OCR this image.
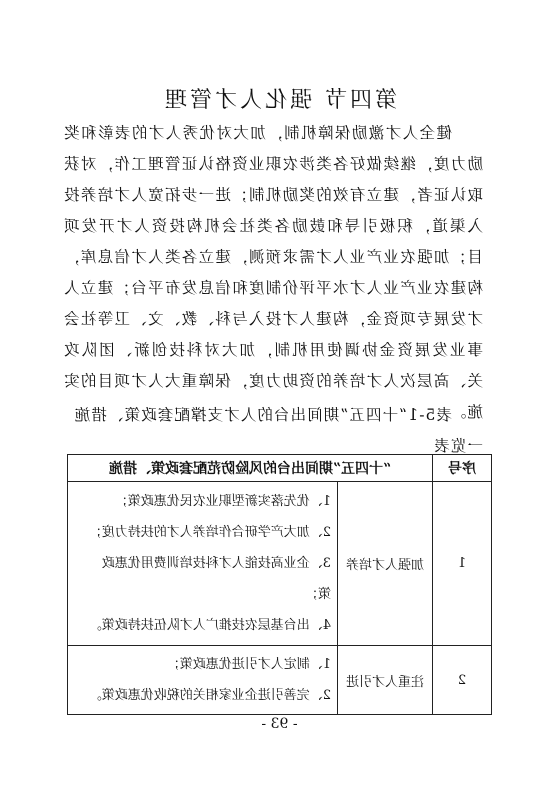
第四节 强化人才管理
健全人才激励保障机制，加大对优秀人才的表彰和奖励力度，继续做好各类涉农职业资格认证管理工作，对获取认证者，建立有效的奖励机制；进一步拓宽人才培养投入渠道，积极引导和鼓励各类社会机构投资人才开发项目；加强农业产业人才需求预测，建立各类人才信息库，构建农业产业人才水平评价制度和信息发布平台；建立人才发展专项资金，构建人才投入与科、教、文、卫等社会事业发展资金协调使用机制，加大对科技创新、团队攻关、高层次人才培养的资助力度，保障重大人才项目的实施。
表5-1“十四五”期间出台的人才支撑配套政策、措施一览表
序号	“十四五”期间出台的风险防范配套政策、措施	
1	加强人才培养	1、优先落实新型职业农民优惠政策；
2、加大产学研合作培养人才的扶持力度；
3、企业高技能人才科技培训费用优惠政
策；
4、出台基层农技推广人才队伍扶持政策。

2	注重人才引进	1、制定人才引进优惠政策；
2、完善引进企业家相关的税收优惠政策。
- 93 -
